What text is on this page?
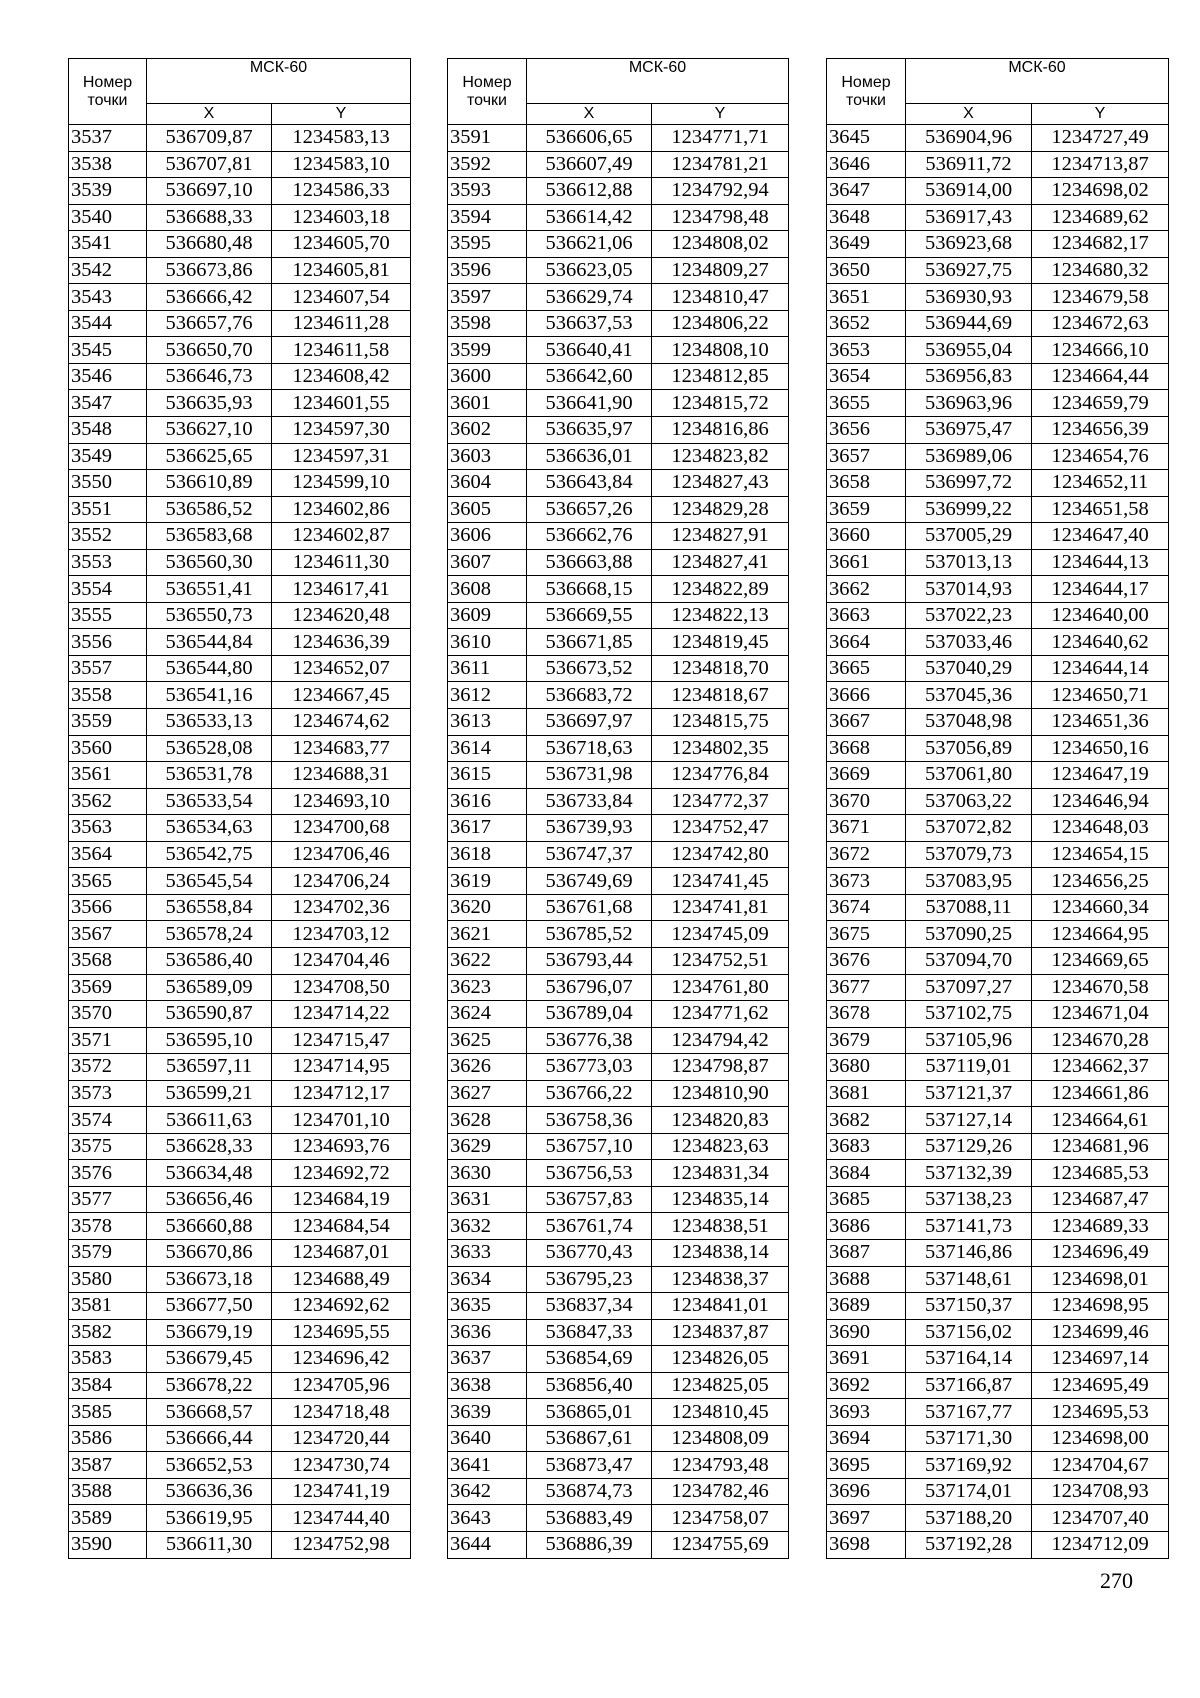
Номер точки	МСК-60	
	X	Y
3537	536709,87	1234583,13
3538	536707,81	1234583,10
3539	536697,10	1234586,33
3540	536688,33	1234603,18
3541	536680,48	1234605,70
3542	536673,86	1234605,81
3543	536666,42	1234607,54
3544	536657,76	1234611,28
3545	536650,70	1234611,58
3546	536646,73	1234608,42
3547	536635,93	1234601,55
3548	536627,10	1234597,30
3549	536625,65	1234597,31
3550	536610,89	1234599,10
3551	536586,52	1234602,86
3552	536583,68	1234602,87
3553	536560,30	1234611,30
3554	536551,41	1234617,41
3555	536550,73	1234620,48
3556	536544,84	1234636,39
3557	536544,80	1234652,07
3558	536541,16	1234667,45
3559	536533,13	1234674,62
3560	536528,08	1234683,77
3561	536531,78	1234688,31
3562	536533,54	1234693,10
3563	536534,63	1234700,68
3564	536542,75	1234706,46
3565	536545,54	1234706,24
3566	536558,84	1234702,36
3567	536578,24	1234703,12
3568	536586,40	1234704,46
3569	536589,09	1234708,50
3570	536590,87	1234714,22
3571	536595,10	1234715,47
3572	536597,11	1234714,95
3573	536599,21	1234712,17
3574	536611,63	1234701,10
3575	536628,33	1234693,76
3576	536634,48	1234692,72
3577	536656,46	1234684,19
3578	536660,88	1234684,54
3579	536670,86	1234687,01
3580	536673,18	1234688,49
3581	536677,50	1234692,62
3582	536679,19	1234695,55
3583	536679,45	1234696,42
3584	536678,22	1234705,96
3585	536668,57	1234718,48
3586	536666,44	1234720,44
3587	536652,53	1234730,74
3588	536636,36	1234741,19
3589	536619,95	1234744,40
3590	536611,30	1234752,98
Номер точки	МСК-60	
	X	Y
3591	536606,65	1234771,71
3592	536607,49	1234781,21
3593	536612,88	1234792,94
3594	536614,42	1234798,48
3595	536621,06	1234808,02
3596	536623,05	1234809,27
3597	536629,74	1234810,47
3598	536637,53	1234806,22
3599	536640,41	1234808,10
3600	536642,60	1234812,85
3601	536641,90	1234815,72
3602	536635,97	1234816,86
3603	536636,01	1234823,82
3604	536643,84	1234827,43
3605	536657,26	1234829,28
3606	536662,76	1234827,91
3607	536663,88	1234827,41
3608	536668,15	1234822,89
3609	536669,55	1234822,13
3610	536671,85	1234819,45
3611	536673,52	1234818,70
3612	536683,72	1234818,67
3613	536697,97	1234815,75
3614	536718,63	1234802,35
3615	536731,98	1234776,84
3616	536733,84	1234772,37
3617	536739,93	1234752,47
3618	536747,37	1234742,80
3619	536749,69	1234741,45
3620	536761,68	1234741,81
3621	536785,52	1234745,09
3622	536793,44	1234752,51
3623	536796,07	1234761,80
3624	536789,04	1234771,62
3625	536776,38	1234794,42
3626	536773,03	1234798,87
3627	536766,22	1234810,90
3628	536758,36	1234820,83
3629	536757,10	1234823,63
3630	536756,53	1234831,34
3631	536757,83	1234835,14
3632	536761,74	1234838,51
3633	536770,43	1234838,14
3634	536795,23	1234838,37
3635	536837,34	1234841,01
3636	536847,33	1234837,87
3637	536854,69	1234826,05
3638	536856,40	1234825,05
3639	536865,01	1234810,45
3640	536867,61	1234808,09
3641	536873,47	1234793,48
3642	536874,73	1234782,46
3643	536883,49	1234758,07
3644	536886,39	1234755,69
Номер точки	МСК-60	
	X	Y
3645	536904,96	1234727,49
3646	536911,72	1234713,87
3647	536914,00	1234698,02
3648	536917,43	1234689,62
3649	536923,68	1234682,17
3650	536927,75	1234680,32
3651	536930,93	1234679,58
3652	536944,69	1234672,63
3653	536955,04	1234666,10
3654	536956,83	1234664,44
3655	536963,96	1234659,79
3656	536975,47	1234656,39
3657	536989,06	1234654,76
3658	536997,72	1234652,11
3659	536999,22	1234651,58
3660	537005,29	1234647,40
3661	537013,13	1234644,13
3662	537014,93	1234644,17
3663	537022,23	1234640,00
3664	537033,46	1234640,62
3665	537040,29	1234644,14
3666	537045,36	1234650,71
3667	537048,98	1234651,36
3668	537056,89	1234650,16
3669	537061,80	1234647,19
3670	537063,22	1234646,94
3671	537072,82	1234648,03
3672	537079,73	1234654,15
3673	537083,95	1234656,25
3674	537088,11	1234660,34
3675	537090,25	1234664,95
3676	537094,70	1234669,65
3677	537097,27	1234670,58
3678	537102,75	1234671,04
3679	537105,96	1234670,28
3680	537119,01	1234662,37
3681	537121,37	1234661,86
3682	537127,14	1234664,61
3683	537129,26	1234681,96
3684	537132,39	1234685,53
3685	537138,23	1234687,47
3686	537141,73	1234689,33
3687	537146,86	1234696,49
3688	537148,61	1234698,01
3689	537150,37	1234698,95
3690	537156,02	1234699,46
3691	537164,14	1234697,14
3692	537166,87	1234695,49
3693	537167,77	1234695,53
3694	537171,30	1234698,00
3695	537169,92	1234704,67
3696	537174,01	1234708,93
3697	537188,20	1234707,40
3698	537192,28	1234712,09
270
